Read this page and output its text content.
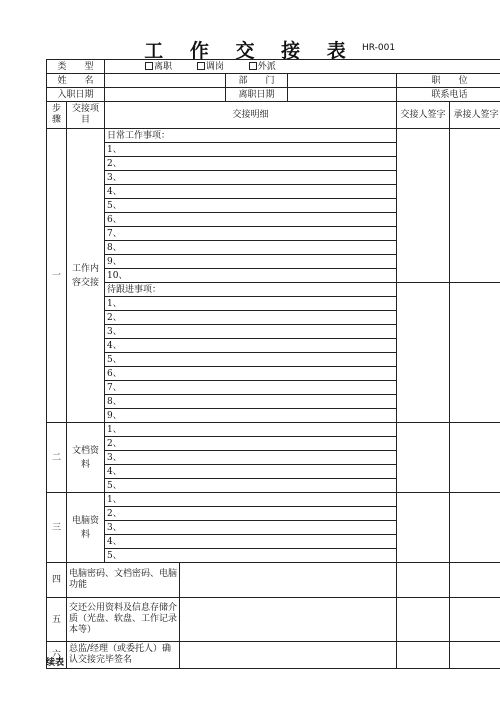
工 作 交 接 表 HR-001
类　　型		离职 调岗 外派					
姓　　名				部　　门		职　　位	
入职日期				离职日期		联系电话	
步骤	交接项目	交接明细				交接人签字	承接人签字
一	工作内容交接	日常工作事项：					
		1、					
		2、					
		3、					
		4、					
		5、					
		6、					
		7、					
		8、					
		9、					
		10、					
		待跟进事项：					
		1、					
		2、					
		3、					
		4、					
		5、					
		6、					
		7、					
		8、					
		9、					
二	文档资料	1、					
		2、					
		3、					
		4、					
		5、					
三	电脑资料	1、					
		2、					
		3、					
		4、					
		5、					
四	电脑密码、文档密码、电脑功能						
五	交还公用资料及信息存储介质（光盘、软盘、工作记录本等）						
六	总监/经理（或委托人）确认交接完毕签名						
续表
